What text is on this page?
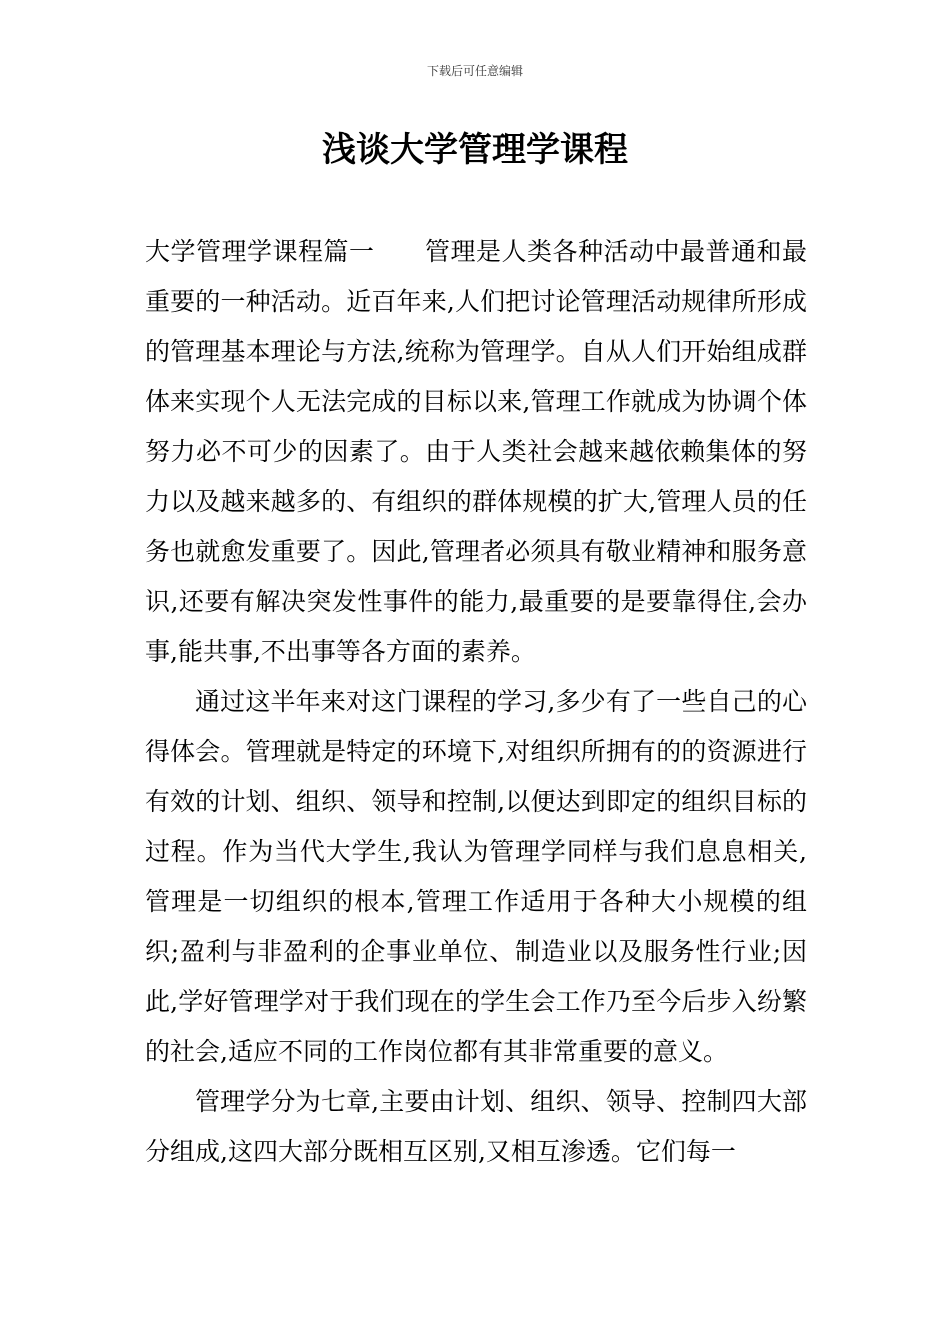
下载后可任意编辑
浅谈大学管理学课程

大学管理学课程篇一 管理是人类各种活动中最普通和最重要的一种活动。近百年来,人们把讨论管理活动规律所形成的管理基本理论与方法,统称为管理学。自从人们开始组成群体来实现个人无法完成的目标以来,管理工作就成为协调个体努力必不可少的因素了。由于人类社会越来越依赖集体的努力以及越来越多的、有组织的群体规模的扩大,管理人员的任务也就愈发重要了。因此,管理者必须具有敬业精神和服务意识,还要有解决突发性事件的能力,最重要的是要靠得住,会办事,能共事,不出事等各方面的素养。

通过这半年来对这门课程的学习,多少有了一些自己的心得体会。管理就是特定的环境下,对组织所拥有的的资源进行有效的计划、组织、领导和控制,以便达到即定的组织目标的过程。作为当代大学生,我认为管理学同样与我们息息相关,管理是一切组织的根本,管理工作适用于各种大小规模的组织;盈利与非盈利的企事业单位、制造业以及服务性行业;因此,学好管理学对于我们现在的学生会工作乃至今后步入纷繁的社会,适应不同的工作岗位都有其非常重要的意义。

管理学分为七章,主要由计划、组织、领导、控制四大部分组成,这四大部分既相互区别,又相互渗透。它们每一
